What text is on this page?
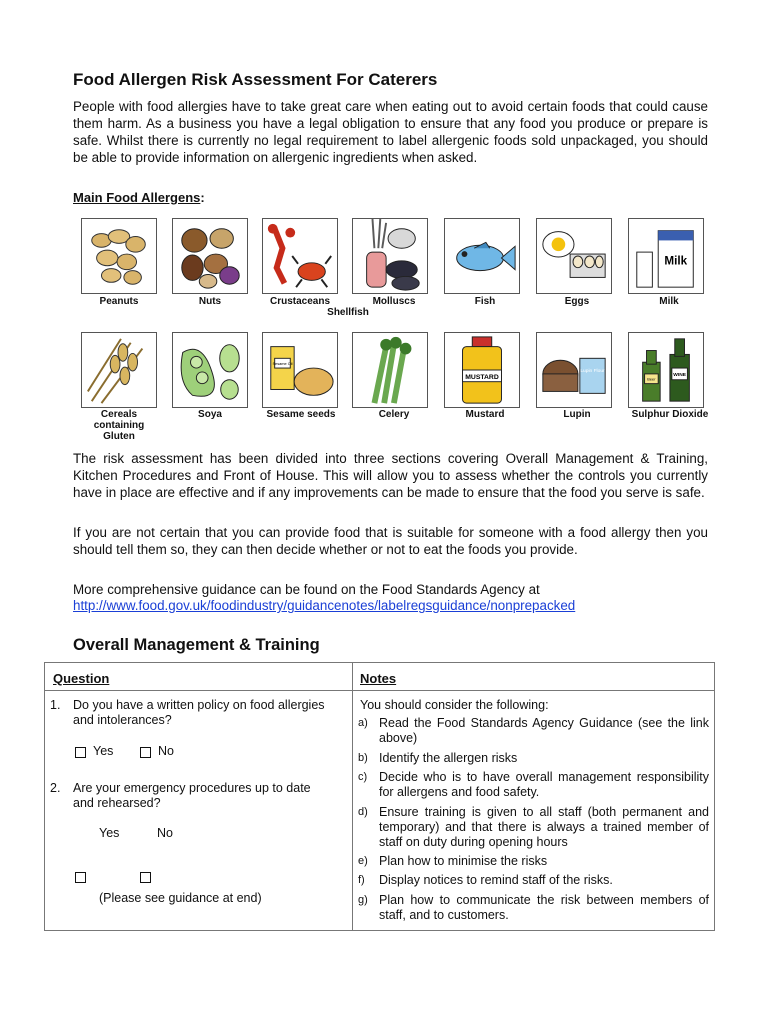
Food Allergen Risk Assessment For Caterers

People with food allergies have to take great care when eating out to avoid certain foods that could cause them harm. As a business you have a legal obligation to ensure that any food you produce or prepare is safe. Whilst there is currently no legal requirement to label allergenic foods sold unpackaged, you should be able to provide information on allergenic ingredients when asked.

Main Food Allergens:
Milk
Peanuts	Nuts	Crustaceans	Molluscs	Fish	Eggs	Milk
Shellfish
Sesame Oil
MUSTARD
Lupin Flour
Beer
WINE
Cereals containing Gluten
Soya	Sesame seeds	Celery	Mustard	Lupin	Sulphur Dioxide

The risk assessment has been divided into three sections covering Overall Management & Training, Kitchen Procedures and Front of House. This will allow you to assess whether the controls you currently have in place are effective and if any improvements can be made to ensure that the food you serve is safe.

If you are not certain that you can provide food that is suitable for someone with a food allergy then you should tell them so, they can then decide whether or not to eat the foods you provide.

More comprehensive guidance can be found on the Food Standards Agency at

http://www.food.gov.uk/foodindustry/guidancenotes/labelregsguidance/nonprepacked
Overall Management & Training
Question	Notes
1. Do you have a written policy on food allergies and intolerances?
Yes	No
2. Are your emergency procedures up to date and rehearsed?
Yes	No
(Please see guidance at end)
You should consider the following:
a) Read the Food Standards Agency Guidance (see the link above)
b) Identify the allergen risks
c) Decide who is to have overall management responsibility for allergens and food safety.
d) Ensure training is given to all staff (both permanent and temporary) and that there is always a trained member of staff on duty during opening hours
e) Plan how to minimise the risks
f) Display notices to remind staff of the risks.
g) Plan how to communicate the risk between members of staff, and to customers.
